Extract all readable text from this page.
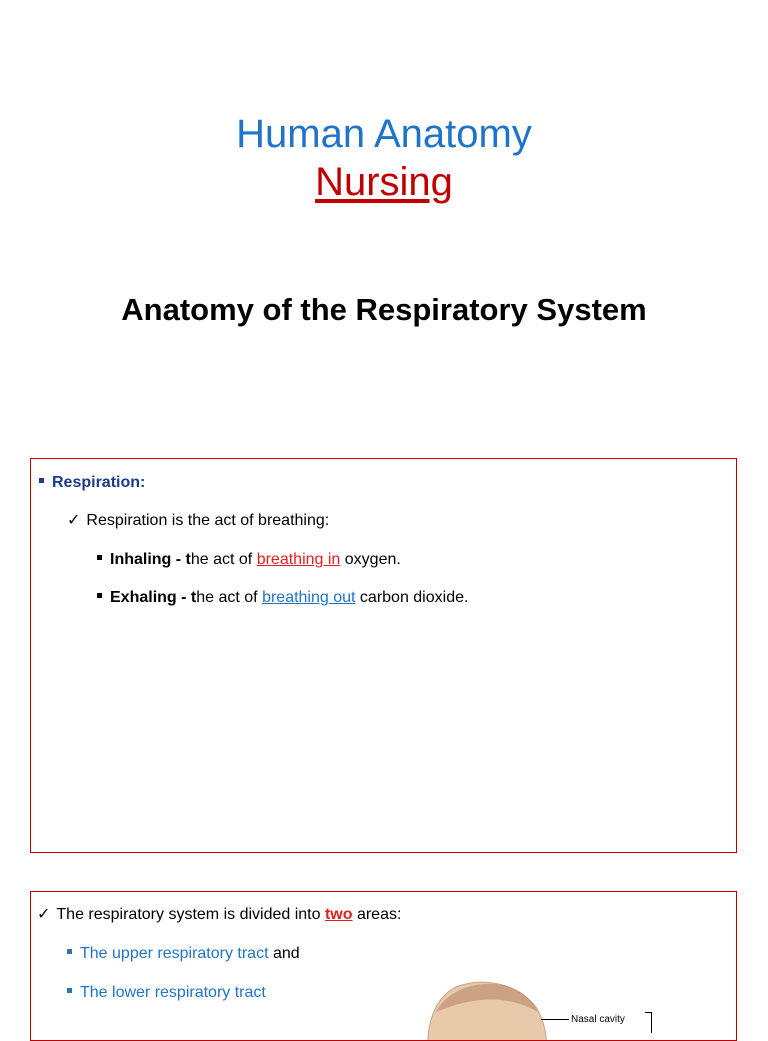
Human Anatomy
Nursing
Anatomy of the Respiratory System
Respiration:
✓ Respiration is the act of breathing:
Inhaling - the act of breathing in oxygen.
Exhaling - the act of breathing out carbon dioxide.
✓ The respiratory system is divided into two areas:
The upper respiratory tract and
The lower respiratory tract
Nasal cavity
